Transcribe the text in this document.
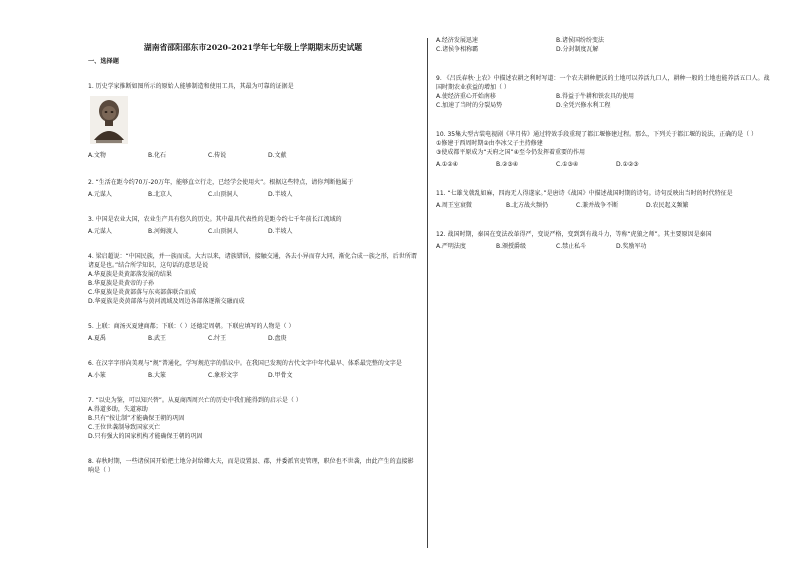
湖南省邵阳邵东市2020-2021学年七年级上学期期末历史试题
一、选择题

1. 历史学家推断如图所示的原始人能够制造和使用工具，其最为可靠的证据是

A.文物	B.化石	C.传说	D.文献

2. “生活在距今约70万-20万年，能够直立行走，已经学会使用火”。根据这些特点，请你判断他属于

A.元谋人	B.北京人	C.山顶洞人	D.半坡人

3. 中国是农业大国，农业生产具有悠久的历史。其中最具代表性的是距今约七千年前长江流域的

A.元谋人	B.河姆渡人	C.山顶洞人	D.半坡人

4. 梁启超说：“中国民族，并一族而成。大古以来，诸族错居，接触交通，各去小异而存大同，渐化合成一族之形，后世所谓诸夏是也。”结合所学知识，这句话的意思是说

A.华夏族是炎黄部落发展的结果
B.华夏族是炎黄帝的子孙
C.华夏族是炎黄部落与东夷部落联合而成
D.华夏族是炎黄部落与黄河流域及周边各部落逐渐交融而成

5. 上联：商汤灭夏建商都；下联：（ ）还德定周朝。下联应填写的人物是（ ）

A.夏禹	B.武王	C.纣王	D.盘庚

6. 在汉字字形向美观与“规”普通化，学写规范字的倡议中。在我国已发现的古代文字中年代最早、体系最完整的文字是

A.小篆	B.大篆	C.象形文字	D.甲骨文

7. “以史为鉴，可以知兴替”。从夏商西周兴亡的历史中我们能得到的启示是（ ）

A.得道多助，失道寡助
B.只有“按让制”才能确保王朝的巩固
C.王位世袭制导致国家灭亡
D.只有强大的国家机构才能确保王朝的巩固

8. 春秋时期，一些诸侯国开始把土地分封给卿大夫，而是设置县、郡，并委派官吏管理，职位也不世袭，由此产生的直接影响是（ ）

A.经济发展迅速	B.诸侯国纷纷变法
C.诸侯争相称霸	D.分封制度瓦解

9. 《吕氏春秋·上农》中描述农耕之利时写道：一个农夫耕种肥沃的土地可以养活九口人，耕种一般的土地也能养活五口人。战国时期农业获益的增加（ ）

A.使经济重心开始南移	B.得益于牛耕和铁农具的使用
C.加速了当时的分裂局势	D.全凭兴修水利工程

10. 35集大型古装电视剧《芈月传》通过特效手段重现了都江堰修建过程。那么，下列关于都江堰的说法，正确的是（ ）
①修建于西周时期②由李冰父子主持修建
③使成都平原成为“天府之国”④至今仍发挥着重要的作用

A.①②④	B.②③④	C.①③④	D.①②③

11. “七雄戈戟乱如麻，四海无人得遂家。”是唐诗《战国》中描述战国时期的诗句。诗句反映出当时的时代特征是

A.周王室衰微	B.北方战火频仍	C.兼并战争不断	D.农民起义频繁

12. 战国时期，秦国在变法改革得严，变说严格，变到到有战斗力，等称“虎狼之师”。其主要原因是秦国

A.严明法度	B.颁授爵级	C.禁止私斗	D.奖励军功
